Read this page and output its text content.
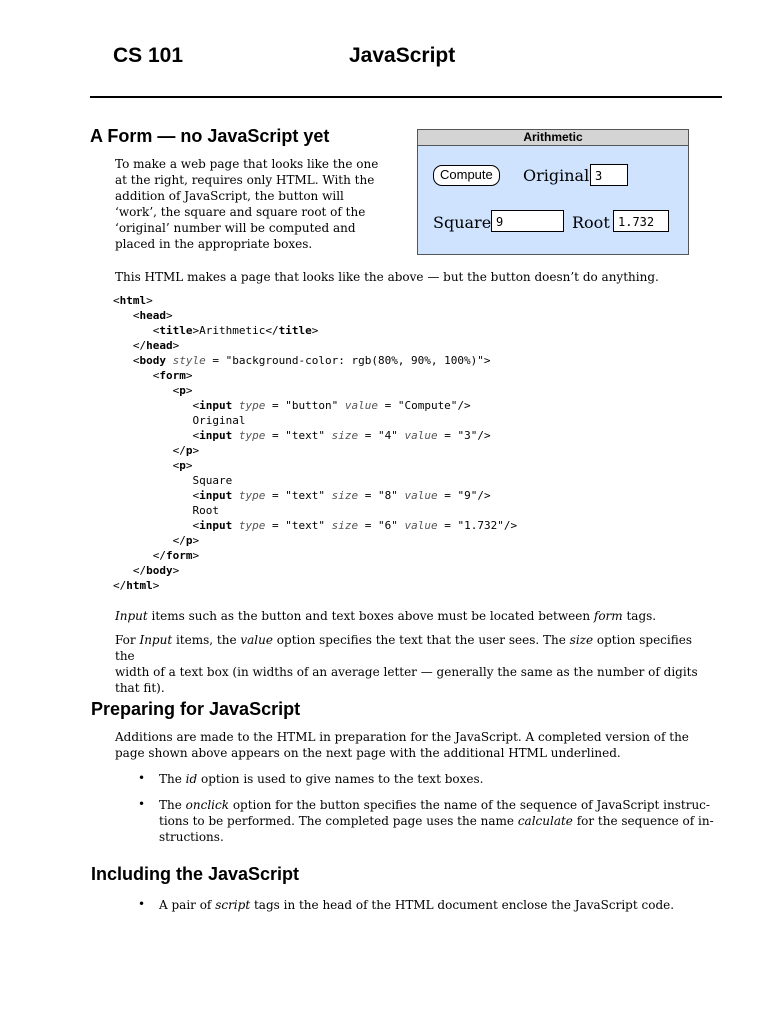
CS 101	JavaScript
A Form — no JavaScript yet
To make a web page that looks like the one
at the right, requires only HTML. With the
addition of JavaScript, the button will
‘work’, the square and square root of the
‘original’ number will be computed and
placed in the appropriate boxes.
Arithmetic
Compute	Original 3
Square 9	Root 1.732
This HTML makes a page that looks like the above — but the button doesn’t do anything.
<html>
<head>
<title>Arithmetic</title>
</head>
<body style = "background-color: rgb(80%, 90%, 100%)">
<form>
<p>
<input type = "button" value = "Compute"/>
Original
<input type = "text" size = "4" value = "3"/>
</p>
<p>
Square
<input type = "text" size = "8" value = "9"/>
Root
<input type = "text" size = "6" value = "1.732"/>
</p>
</form>
</body>
</html>
Input items such as the button and text boxes above must be located between form tags.
For Input items, the value option specifies the text that the user sees. The size option specifies the
width of a text box (in widths of an average letter — generally the same as the number of digits
that fit).
Preparing for JavaScript
Additions are made to the HTML in preparation for the JavaScript. A completed version of the
page shown above appears on the next page with the additional HTML underlined.
• The id option is used to give names to the text boxes.
• The onclick option for the button specifies the name of the sequence of JavaScript instruc-
tions to be performed. The completed page uses the name calculate for the sequence of in-
structions.
Including the JavaScript
• A pair of script tags in the head of the HTML document enclose the JavaScript code.
